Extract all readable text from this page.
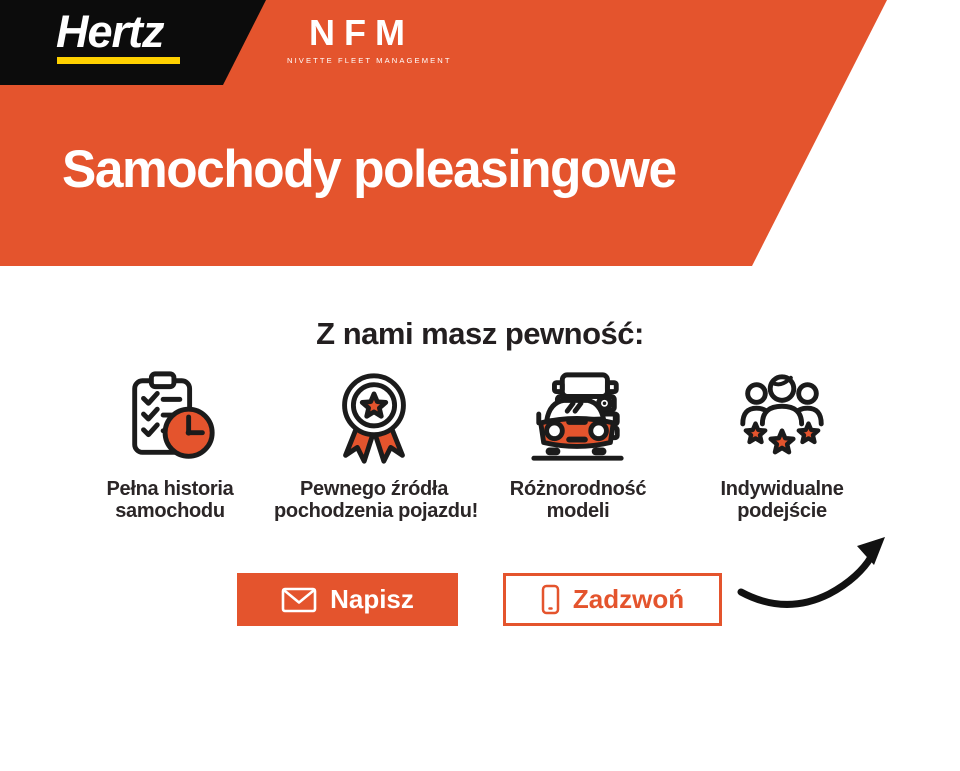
Hertz	NFM
NIVETTE FLEET MANAGEMENT
Samochody poleasingowe
Z nami masz pewność:
Pełna historia
samochodu
Pewnego źródła
pochodzenia pojazdu!
Różnorodność
modeli
Indywidualne
podejście
Napisz	Zadzwoń
